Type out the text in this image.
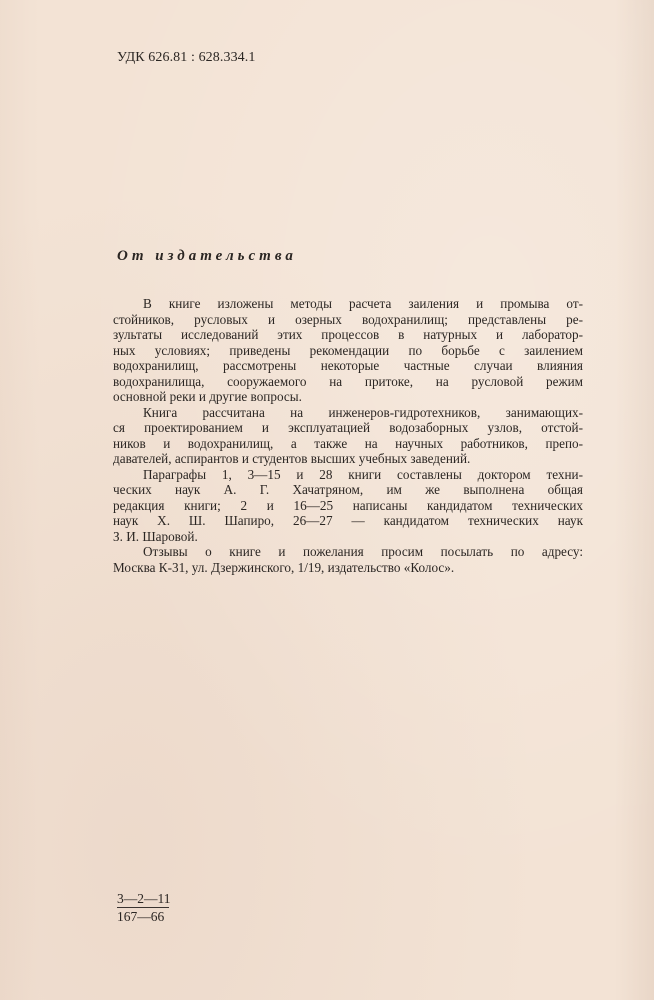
УДК 626.81 : 628.334.1
От издательства
В книге изложены методы расчета заиления и промыва от-
стойников, русловых и озерных водохранилищ; представлены ре-
зультаты исследований этих процессов в натурных и лаборатор-
ных условиях; приведены рекомендации по борьбе с заилением
водохранилищ, рассмотрены некоторые частные случаи влияния
водохранилища, сооружаемого на притоке, на русловой режим
основной реки и другие вопросы.
Книга рассчитана на инженеров-гидротехников, занимающих-
ся проектированием и эксплуатацией водозаборных узлов, отстой-
ников и водохранилищ, а также на научных работников, препо-
давателей, аспирантов и студентов высших учебных заведений.
Параграфы 1, 3—15 и 28 книги составлены доктором техни-
ческих наук А. Г. Хачатряном, им же выполнена общая
редакция книги; 2 и 16—25 написаны кандидатом технических
наук Х. Ш. Шапиро, 26—27 — кандидатом технических наук
З. И. Шаровой.
Отзывы о книге и пожелания просим посылать по адресу:
Москва К-31, ул. Дзержинского, 1/19, издательство «Колос».
3—2—11
167—66
